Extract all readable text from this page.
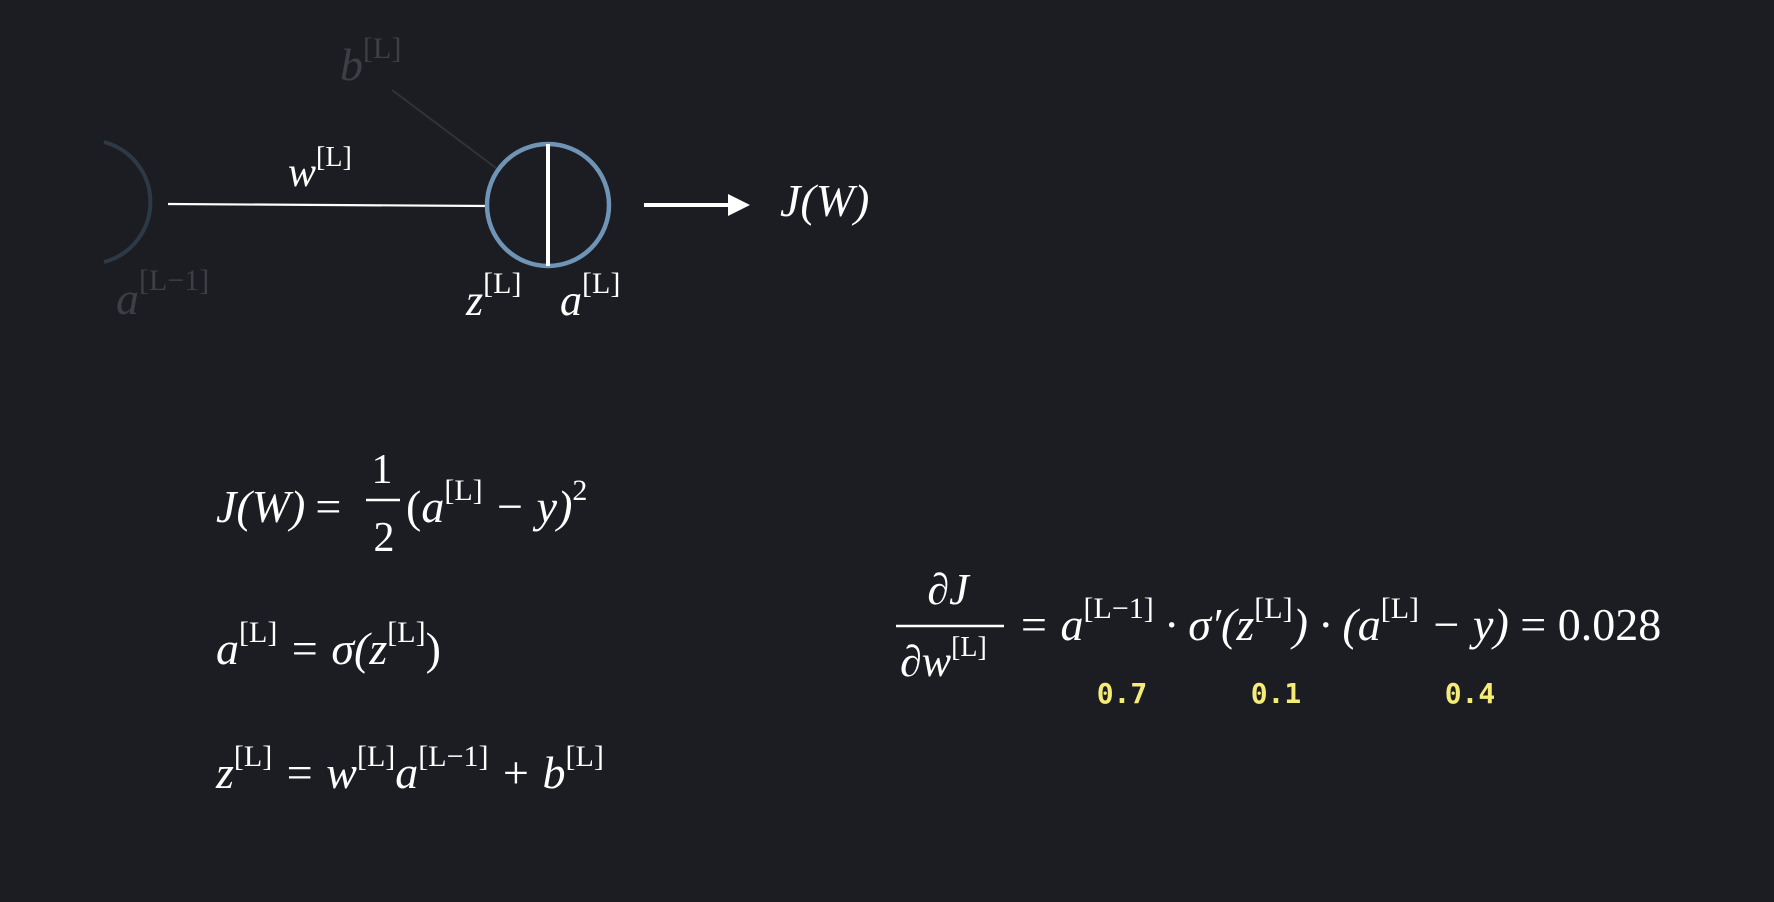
b[L]
w[L]
a[L−1]	z[L] a[L]
J(W)
J(W) =
1
2
$(a[L] - y)^2$
a[L] = σ(z[L])
z[L] = w[L]a[L−1] + b[L]
∂J
∂w[L] = a[L−1] · σ′(z[L]) · (a[L] − y) = 0.028
0.7	0.1	0.4
